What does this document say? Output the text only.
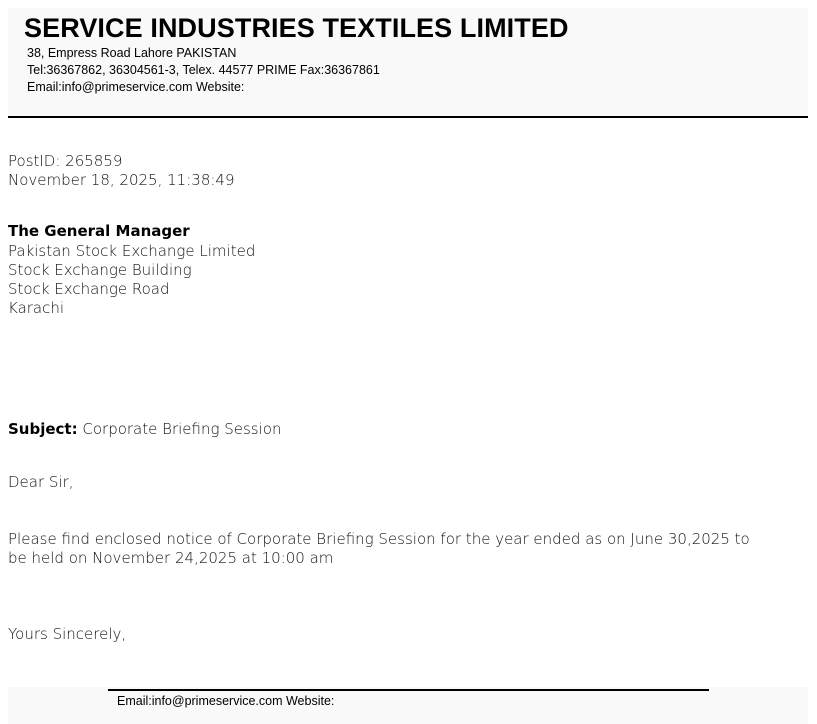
SERVICE INDUSTRIES TEXTILES LIMITED
38, Empress Road Lahore PAKISTAN
Tel:36367862, 36304561-3, Telex. 44577 PRIME Fax:36367861
Email:info@primeservice.com Website:
PostID: 265859
November 18, 2025, 11:38:49
The General Manager
Pakistan Stock Exchange Limited
Stock Exchange Building
Stock Exchange Road
Karachi
Subject: Corporate Briefing Session
Dear Sir,
Please find enclosed notice of Corporate Briefing Session for the year ended as on June 30,2025 to
be held on November 24,2025 at 10:00 am
Yours Sincerely,
Email:info@primeservice.com Website:
